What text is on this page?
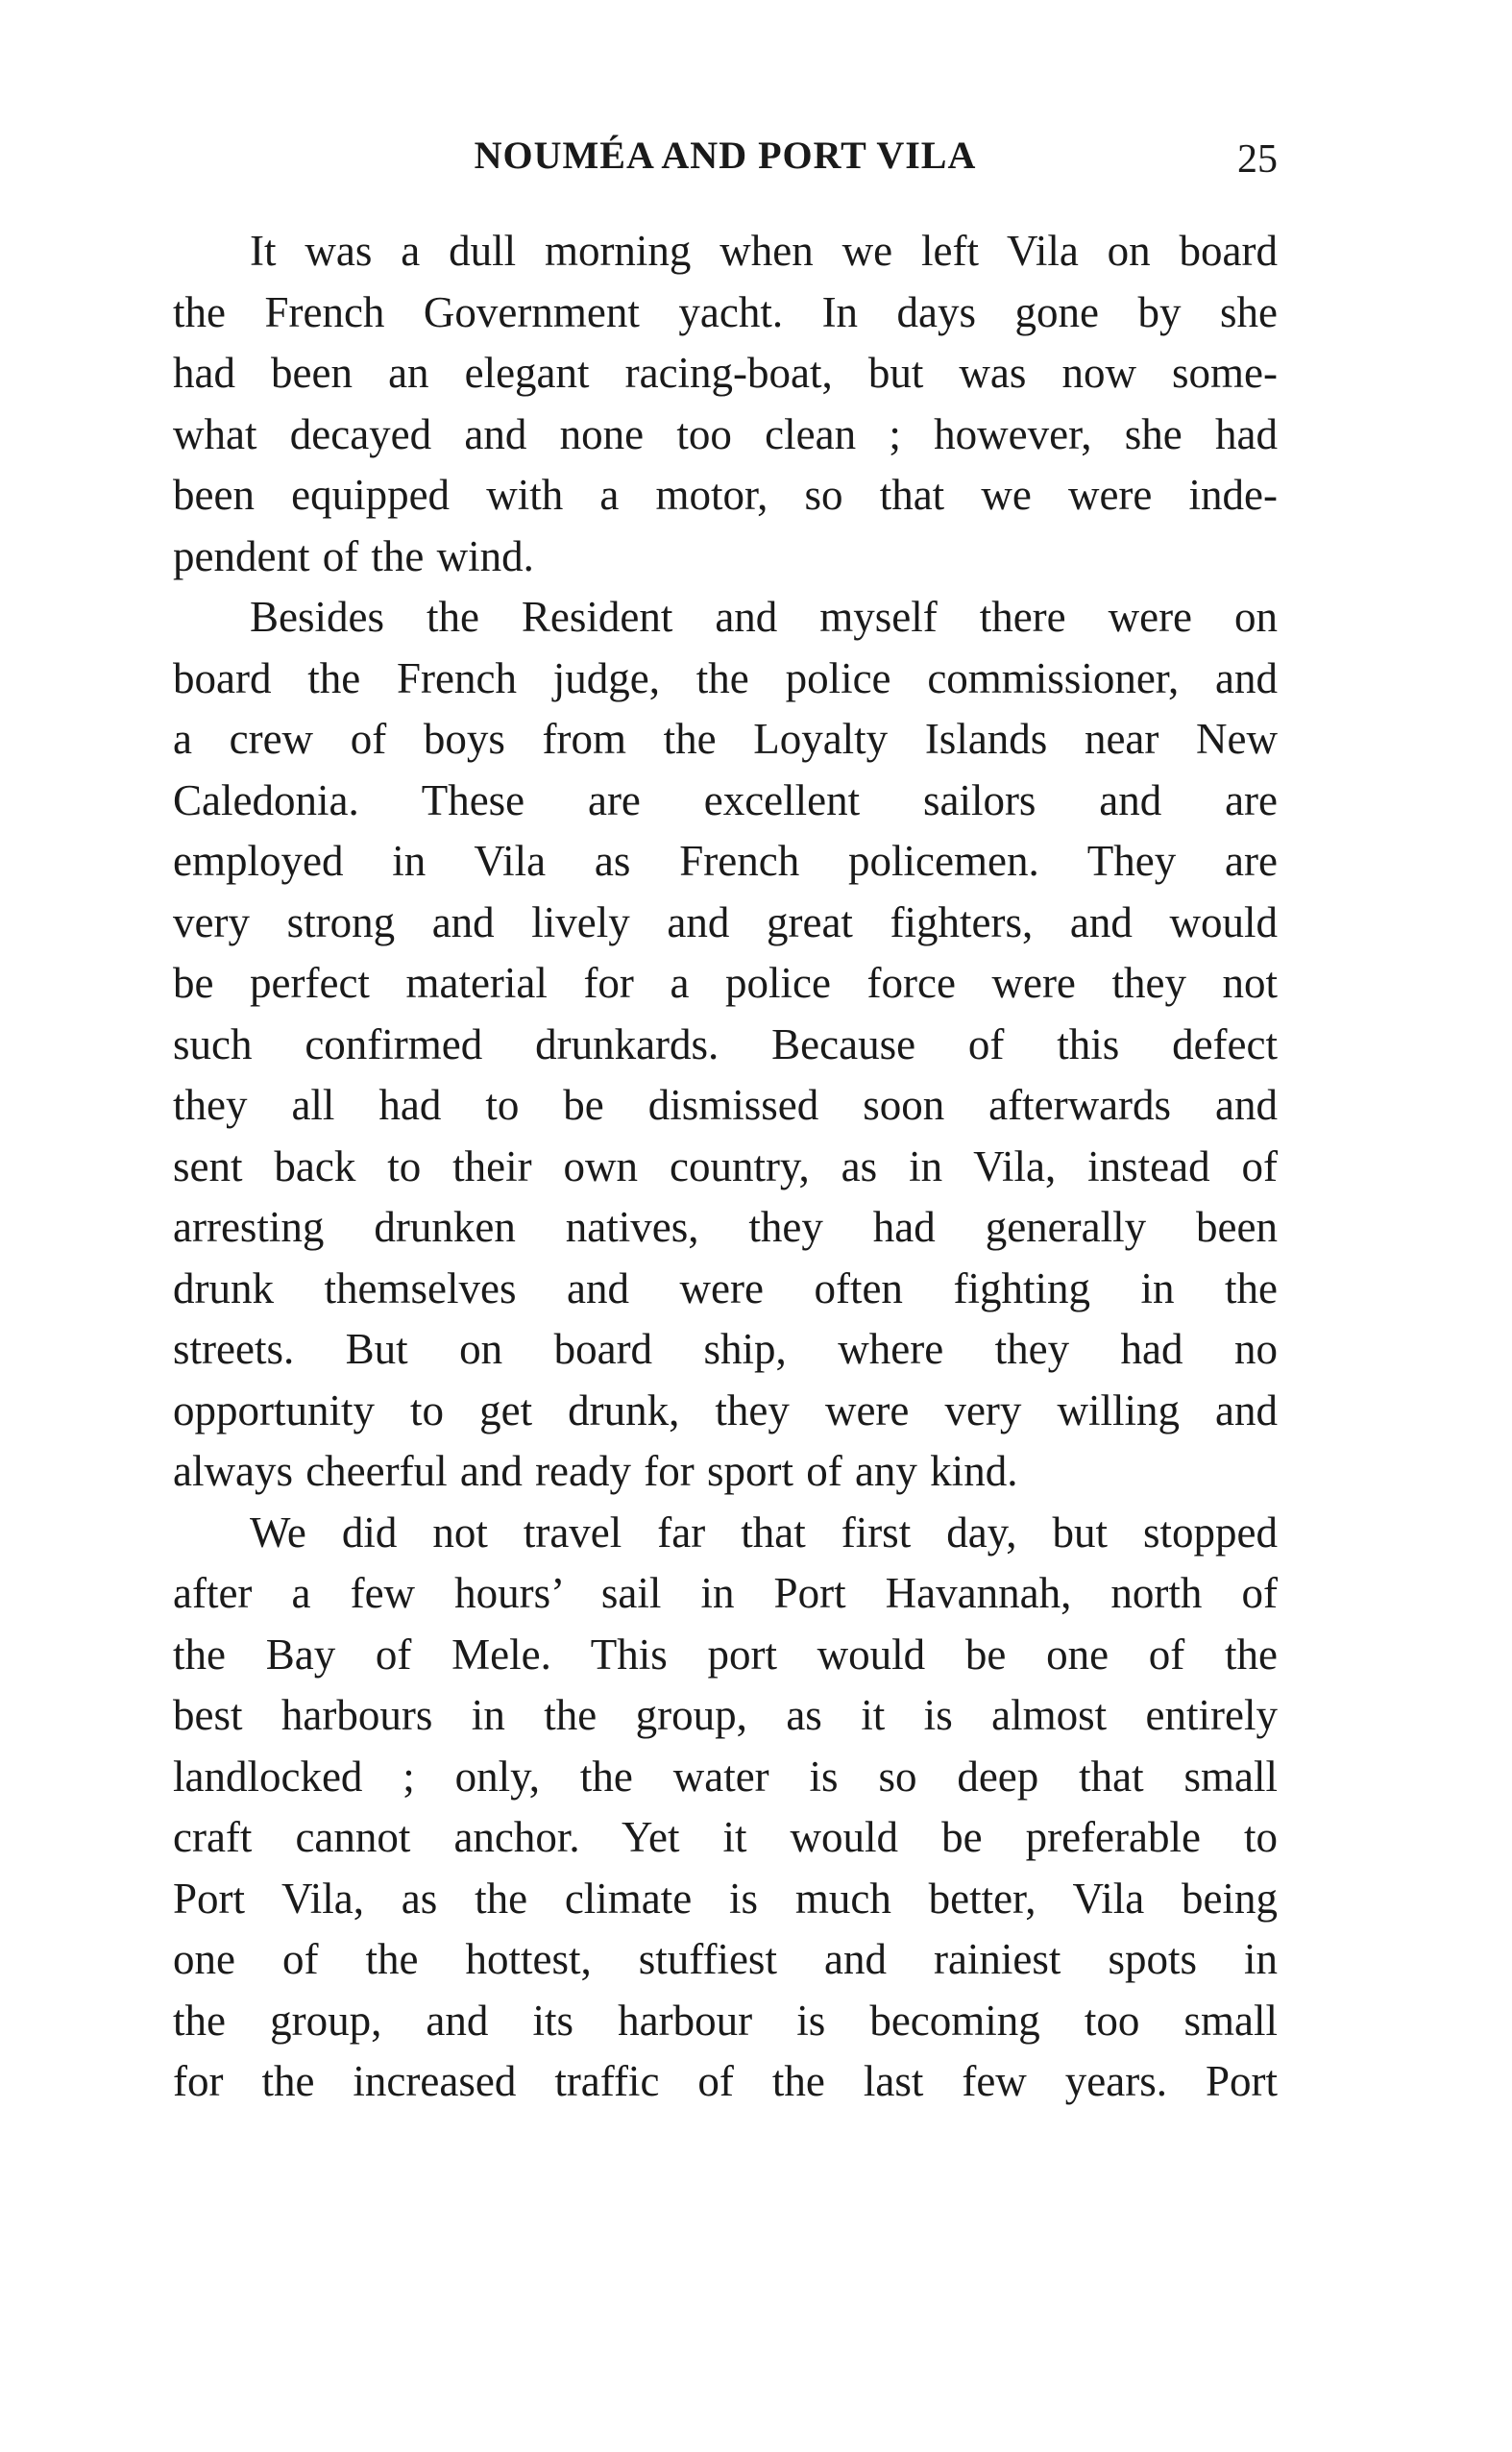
NOUMÉA AND PORT VILA	25
It was a dull morning when we left Vila on board
the French Government yacht. In days gone by she
had been an elegant racing-boat, but was now some-
what decayed and none too clean ; however, she had
been equipped with a motor, so that we were inde-
pendent of the wind.
Besides the Resident and myself there were on
board the French judge, the police commissioner, and
a crew of boys from the Loyalty Islands near New
Caledonia. These are excellent sailors and are
employed in Vila as French policemen. They are
very strong and lively and great fighters, and would
be perfect material for a police force were they not
such confirmed drunkards. Because of this defect
they all had to be dismissed soon afterwards and
sent back to their own country, as in Vila, instead of
arresting drunken natives, they had generally been
drunk themselves and were often fighting in the
streets. But on board ship, where they had no
opportunity to get drunk, they were very willing and
always cheerful and ready for sport of any kind.
We did not travel far that first day, but stopped
after a few hours’ sail in Port Havannah, north of
the Bay of Mele. This port would be one of the
best harbours in the group, as it is almost entirely
landlocked ; only, the water is so deep that small
craft cannot anchor. Yet it would be preferable to
Port Vila, as the climate is much better, Vila being
one of the hottest, stuffiest and rainiest spots in
the group, and its harbour is becoming too small
for the increased traffic of the last few years. Port
